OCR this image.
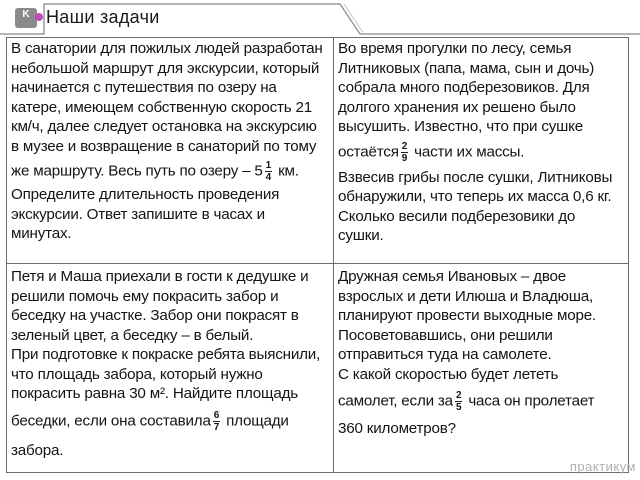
K Наши задачи
В санатории для пожилых людей разработан
небольшой маршрут для экскурсии, который
начинается с путешествия по озеру на
катере, имеющем собственную скорость 21
км/ч, далее следует остановка на экскурсию
в музее и возвращение в санаторий по тому
же маршруту. Весь путь по озеру – $5 \frac{1}{4}$ км.
Определите длительность проведения
экскурсии. Ответ запишите в часах и
минутах.
Во время прогулки по лесу, семья
Литниковых (папа, мама, сын и дочь)
собрала много подберезовиков. Для
долгого хранения их решено было
высушить. Известно, что при сушке
остаётся $\frac{2}{9}$ части их массы.
Взвесив грибы после сушки, Литниковы
обнаружили, что теперь их масса 0,6 кг.
Сколько весили подберезовики до
сушки.
Петя и Маша приехали в гости к дедушке и
решили помочь ему покрасить забор и
беседку на участке. Забор они покрасят в
зеленый цвет, а беседку – в белый.
При подготовке к покраске ребята выяснили,
что площадь забора, который нужно
покрасить равна 30 м². Найдите площадь
беседки, если она составила $\frac{6}{7}$ площади
забора.
Дружная семья Ивановых – двое
взрослых и дети Илюша и Владюша,
планируют провести выходные море.
Посоветовавшись, они решили
отправиться туда на самолете.
С какой скоростью будет лететь
самолет, если за $\frac{2}{5}$ часа он пролетает
360 километров?
практикум
